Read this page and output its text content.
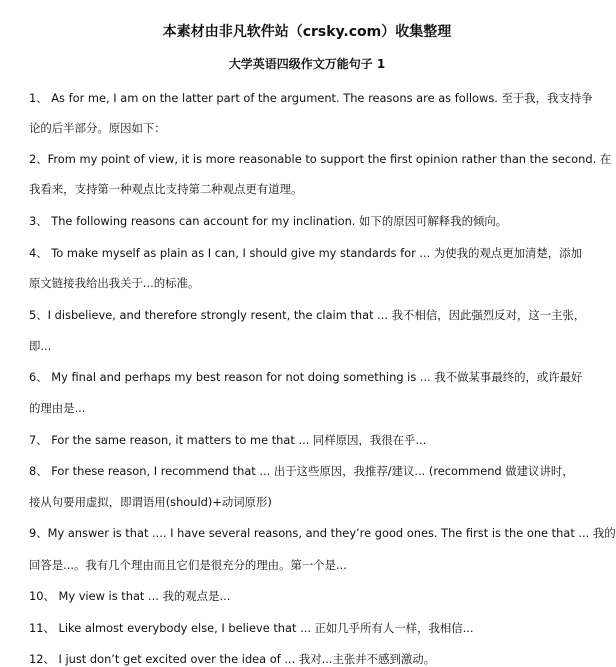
本素材由非凡软件站（crsky.com）收集整理
大学英语四级作文万能句子 1
1、 As for me, I am on the latter part of the argument. The reasons are as follows. 至于我，我支持争
论的后半部分。原因如下：
2、From my point of view, it is more reasonable to support the first opinion rather than the second. 在
我看来，支持第一种观点比支持第二种观点更有道理。
3、 The following reasons can account for my inclination. 如下的原因可解释我的倾向。
4、 To make myself as plain as I can, I should give my standards for ... 为使我的观点更加清楚，添加
原文链接我给出我关于...的标准。
5、I disbelieve, and therefore strongly resent, the claim that ... 我不相信，因此强烈反对，这一主张，
即...
6、 My final and perhaps my best reason for not doing something is ... 我不做某事最终的，或许最好
的理由是...
7、 For the same reason, it matters to me that ... 同样原因，我很在乎...
8、 For these reason, I recommend that ... 出于这些原因，我推荐/建议... (recommend 做建议讲时，
接从句要用虚拟，即谓语用(should)+动词原形)
9、My answer is that .... I have several reasons, and they’re good ones. The first is the one that ... 我的
回答是...。我有几个理由而且它们是很充分的理由。第一个是...
10、 My view is that ... 我的观点是...
11、 Like almost everybody else, I believe that ... 正如几乎所有人一样，我相信...
12、 I just don’t get excited over the idea of ... 我对...主张并不感到激动。
